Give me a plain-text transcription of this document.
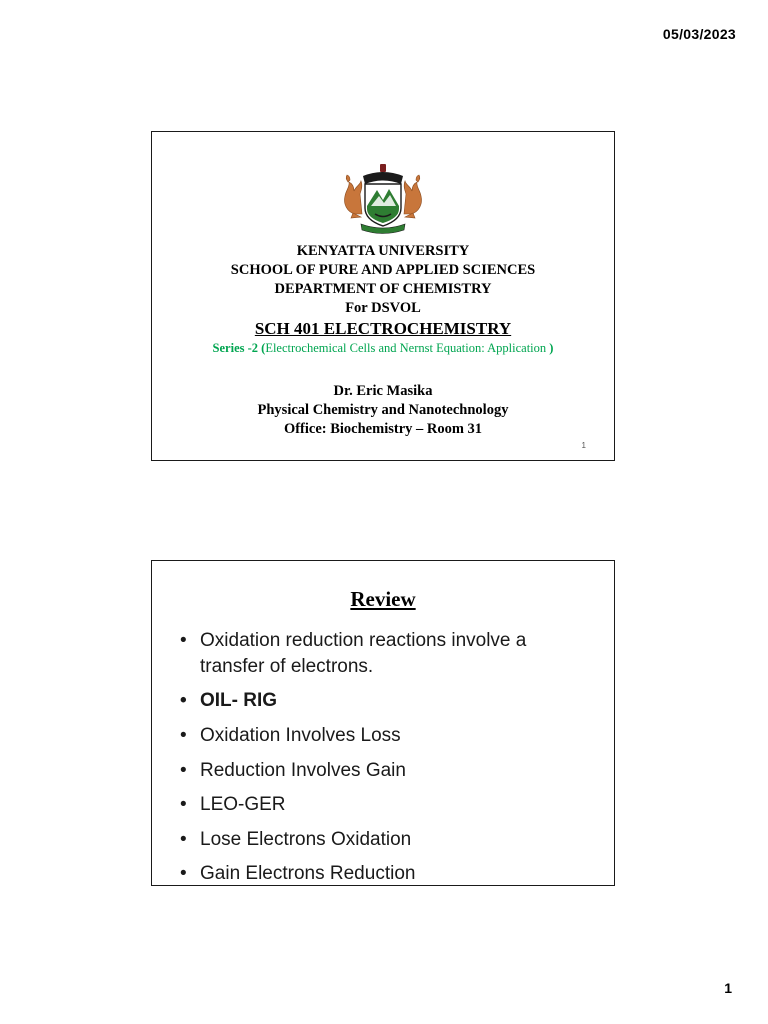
05/03/2023
KENYATTA UNIVERSITY
SCHOOL OF PURE AND APPLIED SCIENCES
DEPARTMENT OF CHEMISTRY
For DSVOL
SCH 401 ELECTROCHEMISTRY
Series -2 (Electrochemical Cells and Nernst Equation: Application )
Dr. Eric Masika
Physical Chemistry and Nanotechnology
Office: Biochemistry – Room 31
1
Review
• Oxidation reduction reactions involve a transfer of electrons.
• OIL- RIG
• Oxidation Involves Loss
• Reduction Involves Gain
• LEO-GER
• Lose Electrons Oxidation
• Gain Electrons Reduction
1
